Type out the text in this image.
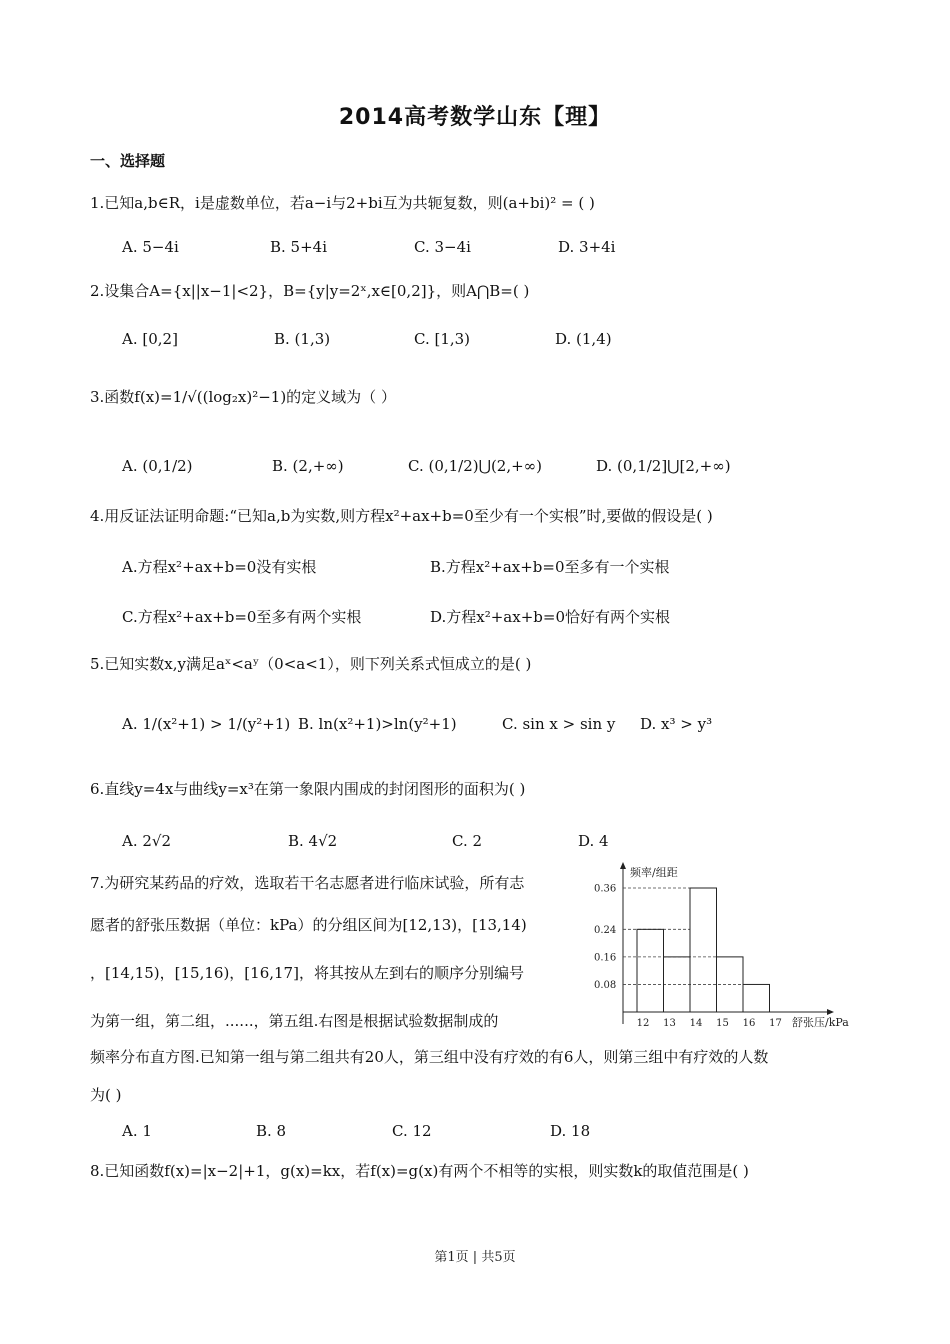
2014高考数学山东【理】
一、选择题
1.已知a,b∈R，i是虚数单位，若a−i与2+bi互为共轭复数，则(a+bi)² = ( )
A. 5−4i	B. 5+4i	C. 3−4i	D. 3+4i
2.设集合A={x||x−1|<2}，B={y|y=2ˣ,x∈[0,2]}，则A⋂B=( )
A. [0,2]	B. (1,3)	C. [1,3)	D. (1,4)
3.函数f(x)=1/√((log₂x)²−1)的定义域为（ ）
A. (0,1/2)	B. (2,+∞)	C. (0,1/2)⋃(2,+∞)	D. (0,1/2]⋃[2,+∞)
4.用反证法证明命题:“已知a,b为实数,则方程x²+ax+b=0至少有一个实根”时,要做的假设是( )
A.方程x²+ax+b=0没有实根	B.方程x²+ax+b=0至多有一个实根
C.方程x²+ax+b=0至多有两个实根	D.方程x²+ax+b=0恰好有两个实根
5.已知实数x,y满足aˣ<aʸ（0<a<1），则下列关系式恒成立的是( )
A. 1/(x²+1) > 1/(y²+1) B. ln(x²+1)>ln(y²+1)	C. sin x > sin y D. x³ > y³
6.直线y=4x与曲线y=x³在第一象限内围成的封闭图形的面积为( )
A. 2√2	B. 4√2	C. 2	D. 4
7.为研究某药品的疗效，选取若干名志愿者进行临床试验，所有志
愿者的舒张压数据（单位：kPa）的分组区间为[12,13)，[13,14)
，[14,15)，[15,16)，[16,17]，将其按从左到右的顺序分别编号
为第一组，第二组，......，第五组.右图是根据试验数据制成的
频率分布直方图.已知第一组与第二组共有20人，第三组中没有疗效的有6人，则第三组中有疗效的人数
为( )
A. 1	B. 8	C. 12	D. 18
频率/组距
舒张压/kPa
0.36
0.24
0.16
0.08
12 13 14 15 16 17
8.已知函数f(x)=|x−2|+1，g(x)=kx，若f(x)=g(x)有两个不相等的实根，则实数k的取值范围是( )
第1页 | 共5页
